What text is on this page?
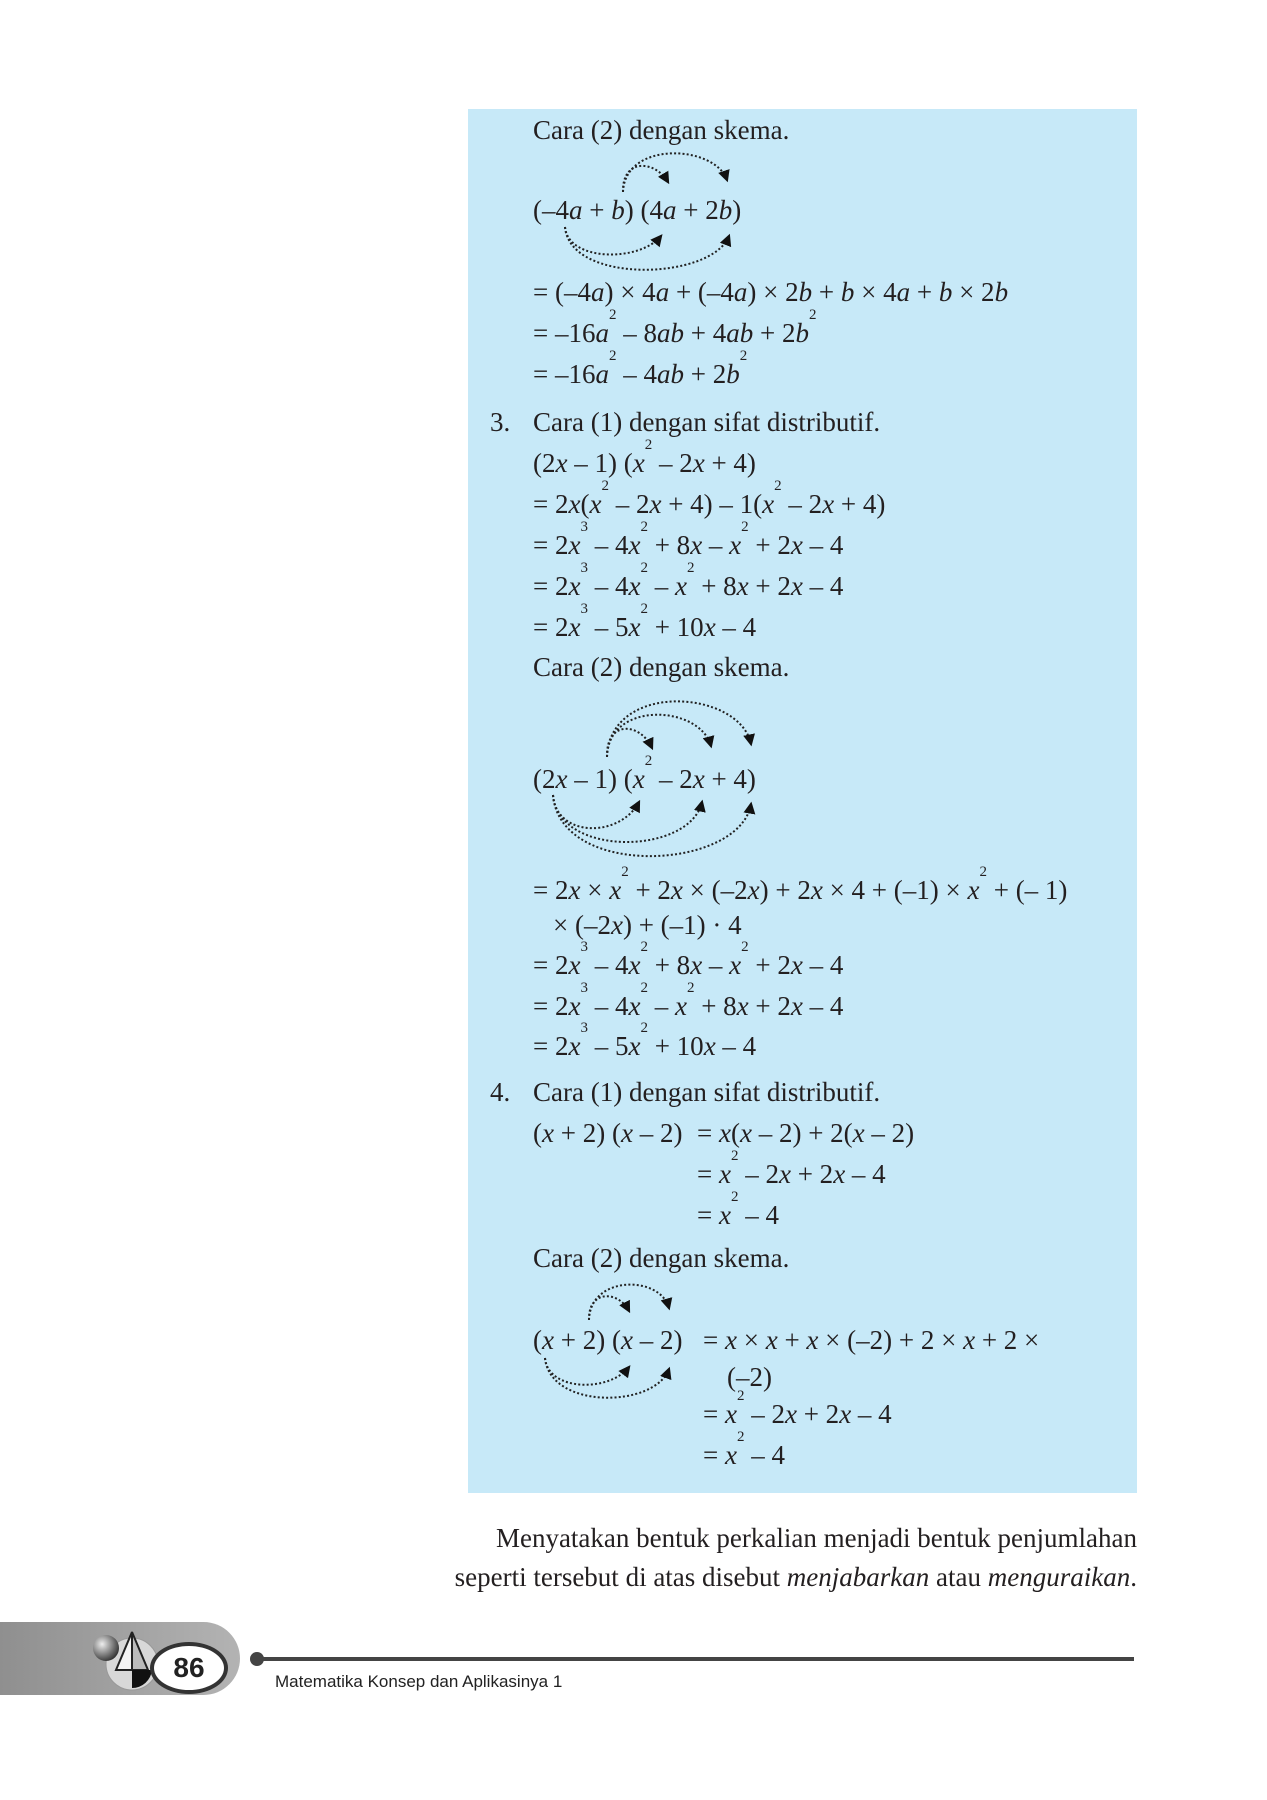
Cara (2) dengan skema.
(–4a + b) (4a + 2b)
= (–4a) × 4a + (–4a) × 2b + b × 4a + b × 2b
= $-16a^2 - 8ab + 4ab + 2b^2$
= $-16a^2 - 4ab + 2b^2$
3. Cara (1) dengan sifat distributif.
(2x – 1) $(x^2 - 2x + 4)$
= $2x(x^2 - 2x + 4) - 1(x^2 - 2x + 4)$
= $2x^3 - 4x^2 + 8x - x^2 + 2x - 4$
= $2x^3 - 4x^2 - x^2 + 8x + 2x - 4$
= $2x^3 - 5x^2 + 10x - 4$
Cara (2) dengan skema.
(2x – 1) $(x^2 - 2x + 4)$
= $2x \times x^2 + 2x \times (-2x) + 2x \times 4 + (-1) \times x^2$ + (– 1)
× (–2x) + (–1) · 4
= $2x^3 - 4x^2 + 8x - x^2 + 2x - 4$
= $2x^3 - 4x^2 - x^2 + 8x + 2x - 4$
= $2x^3 - 5x^2 + 10x - 4$
4. Cara (1) dengan sifat distributif.
(x + 2) (x – 2) = x(x – 2) + 2(x – 2)
= $x^2 - 2x + 2x - 4$
= $x^2 - 4$
Cara (2) dengan skema.
(x + 2) (x – 2) = x × x + x × (–2) + 2 × x + 2 ×
(–2)
= $x^2 - 2x + 2x - 4$
= $x^2 - 4$
Menyatakan bentuk perkalian menjadi bentuk penjumlahan
seperti tersebut di atas disebut menjabarkan atau menguraikan.
86	Matematika Konsep dan Aplikasinya 1
